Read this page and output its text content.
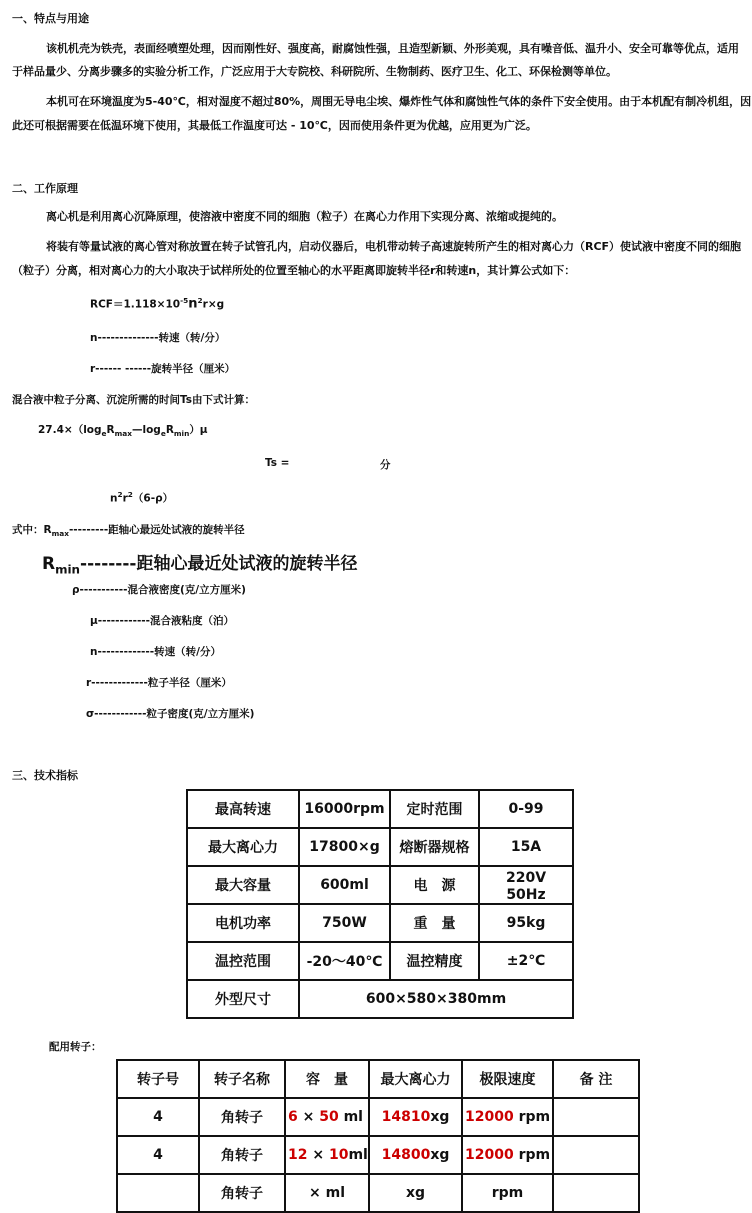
一、特点与用途
该机机壳为铁壳，表面经喷塑处理，因而刚性好、强度高，耐腐蚀性强，且造型新颖、外形美观，具有噪音低、温升小、安全可靠等优点，适用
于样品量少、分离步骤多的实验分析工作，广泛应用于大专院校、科研院所、生物制药、医疗卫生、化工、环保检测等单位。
本机可在环境温度为5-40℃，相对湿度不超过80%，周围无导电尘埃、爆炸性气体和腐蚀性气体的条件下安全使用。由于本机配有制冷机组，因
此还可根据需要在低温环境下使用，其最低工作温度可达 - 10℃，因而使用条件更为优越，应用更为广泛。
二、工作原理
离心机是利用离心沉降原理，使溶液中密度不同的细胞（粒子）在离心力作用下实现分离、浓缩或提纯的。
将装有等量试液的离心管对称放置在转子试管孔内，启动仪器后，电机带动转子高速旋转所产生的相对离心力（RCF）使试液中密度不同的细胞
（粒子）分离，相对离心力的大小取决于试样所处的位置至轴心的水平距离即旋转半径r和转速n，其计算公式如下：
$RCF=1.118\times 10^{-5}n^2r\times g$
n--------------转速（转/分）
r------ ------旋转半径（厘米）
混合液中粒子分离、沉淀所需的时间Ts由下式计算：
$27.4\times(\log_eR_{max}—\log_eR_{min})\mu$
Ts =	分
$n^2r^2(6-\rho)$
式中：$R_{max}---------$距轴心最远处试液的旋转半径
$R_{min}--------$距轴心最近处试液的旋转半径
ρ-----------混合液密度(克/立方厘米)
μ------------混合液粘度（泊）
n-------------转速（转/分）
r-------------粒子半径（厘米）
σ------------粒子密度(克/立方厘米)
三、技术指标
最高转速	16000rpm	定时范围	0-99
最大离心力	17800×g	熔断器规格	15A
最大容量	600ml	电　源	220V　50Hz
电机功率	750W	重　量	95kg
温控范围	-20～40℃	温控精度	±2℃
外型尺寸	600×580×380mm		
配用转子：
转子号	转子名称	容　量	最大离心力	极限速度	备 注
4	角转子	6 × 50 ml	14810xg	12000 rpm	
4	角转子	12 × 10ml	14800xg	12000 rpm	
	角转子	× ml	xg	rpm	
